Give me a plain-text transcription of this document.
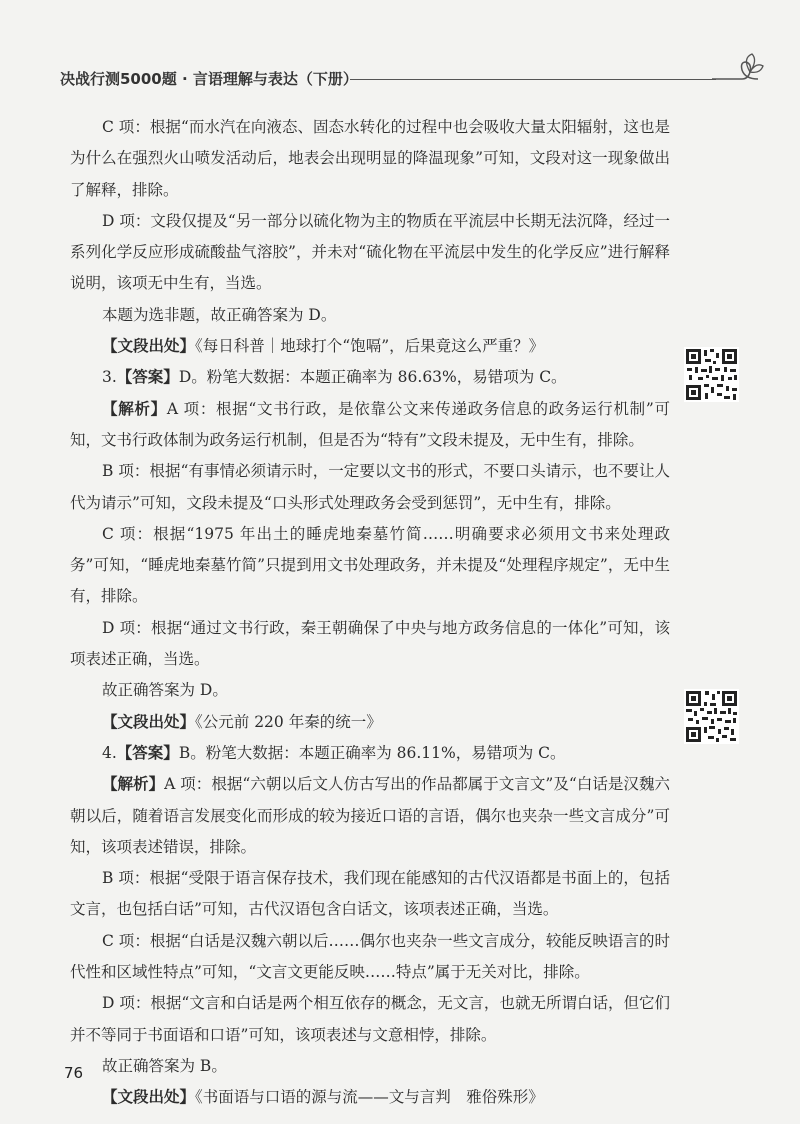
决战行测5000题 · 言语理解与表达（下册）

C 项：根据“而水汽在向液态、固态水转化的过程中也会吸收大量太阳辐射，这也是为什么在强烈火山喷发活动后，地表会出现明显的降温现象”可知，文段对这一现象做出了解释，排除。

D 项：文段仅提及“另一部分以硫化物为主的物质在平流层中长期无法沉降，经过一系列化学反应形成硫酸盐气溶胶”，并未对“硫化物在平流层中发生的化学反应”进行解释说明，该项无中生有，当选。

本题为选非题，故正确答案为 D。

【文段出处】《每日科普｜地球打个“饱嗝”，后果竟这么严重？》

3.【答案】D。粉笔大数据：本题正确率为 86.63%，易错项为 C。

【解析】A 项：根据“文书行政，是依靠公文来传递政务信息的政务运行机制”可知，文书行政体制为政务运行机制，但是否为“特有”文段未提及，无中生有，排除。

B 项：根据“有事情必须请示时，一定要以文书的形式，不要口头请示，也不要让人代为请示”可知，文段未提及“口头形式处理政务会受到惩罚”，无中生有，排除。

C 项：根据“1975 年出土的睡虎地秦墓竹简……明确要求必须用文书来处理政务”可知，“睡虎地秦墓竹简”只提到用文书处理政务，并未提及“处理程序规定”，无中生有，排除。

D 项：根据“通过文书行政，秦王朝确保了中央与地方政务信息的一体化”可知，该项表述正确，当选。

故正确答案为 D。

【文段出处】《公元前 220 年秦的统一》

4.【答案】B。粉笔大数据：本题正确率为 86.11%，易错项为 C。

【解析】A 项：根据“六朝以后文人仿古写出的作品都属于文言文”及“白话是汉魏六朝以后，随着语言发展变化而形成的较为接近口语的言语，偶尔也夹杂一些文言成分”可知，该项表述错误，排除。

B 项：根据“受限于语言保存技术，我们现在能感知的古代汉语都是书面上的，包括文言，也包括白话”可知，古代汉语包含白话文，该项表述正确，当选。

C 项：根据“白话是汉魏六朝以后……偶尔也夹杂一些文言成分，较能反映语言的时代性和区域性特点”可知，“文言文更能反映……特点”属于无关对比，排除。

D 项：根据“文言和白话是两个相互依存的概念，无文言，也就无所谓白话，但它们并不等同于书面语和口语”可知，该项表述与文意相悖，排除。

故正确答案为 B。

【文段出处】《书面语与口语的源与流——文与言判　雅俗殊形》

76
